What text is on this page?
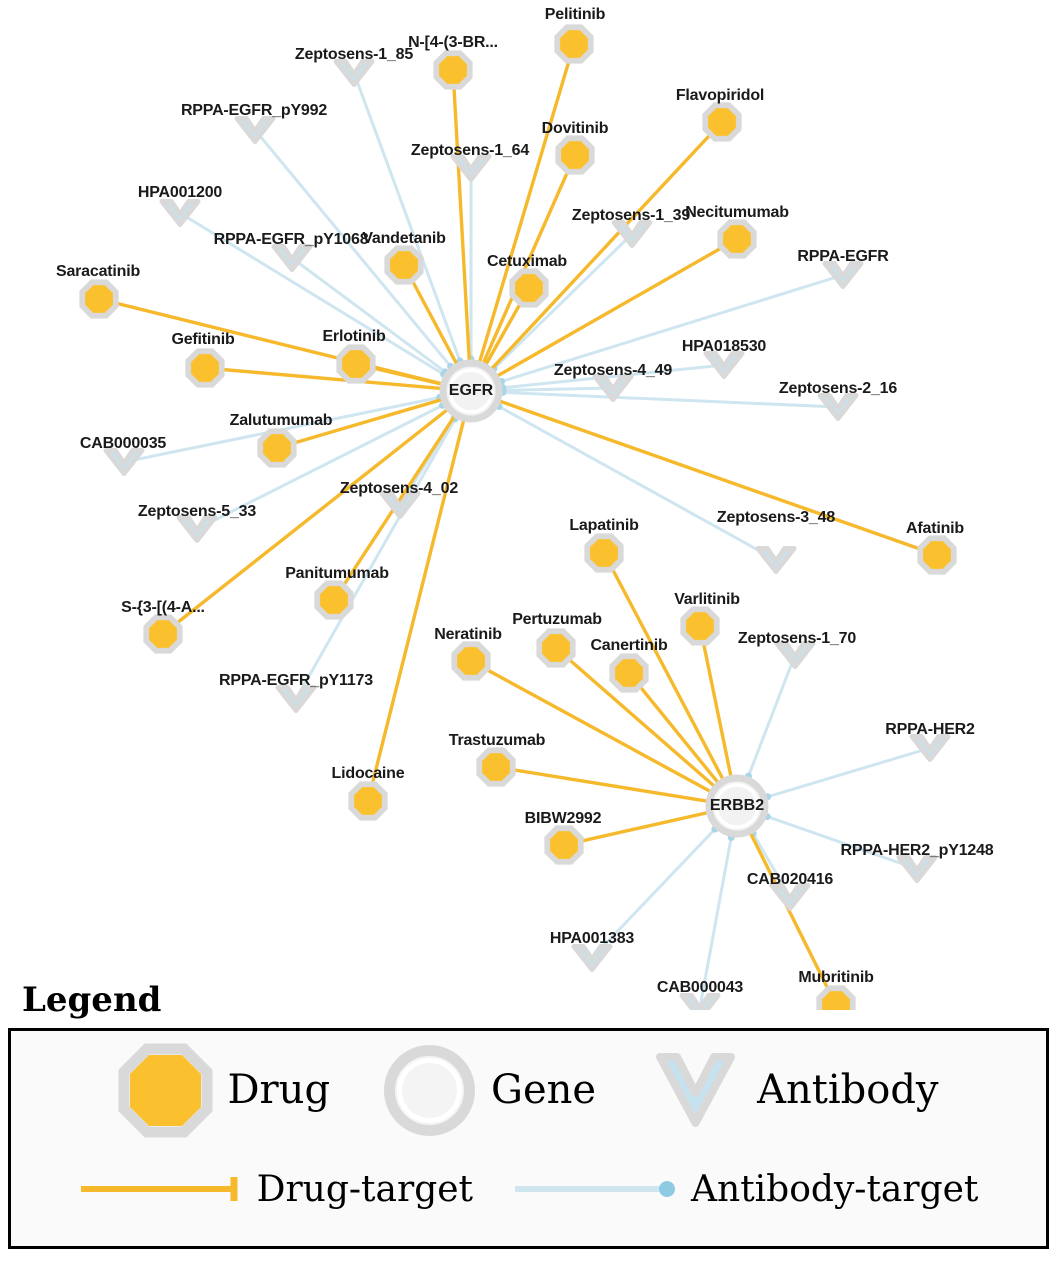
Pelitinib
N-[4-(3-BR...
Flavopiridol
Dovitinib
Necitumumab
Vandetanib
Cetuximab
Saracatinib
Gefitinib	Erlotinib
Zalutumumab
Afatinib
Lapatinib
Varlitinib
Panitumumab
S-{3-[(4-A...
Pertuzumab
Neratinib
Canertinib
Trastuzumab
Lidocaine
BIBW2992
Mubritinib
Zeptosens-1_85
RPPA-EGFR_pY992
Zeptosens-1_64
HPA001200
Zeptosens-1_39
RPPA-EGFR_pY1068
RPPA-EGFR
HPA018530
Zeptosens-4_49
Zeptosens-2_16
CAB000035
Zeptosens-4_02
Zeptosens-5_33	Zeptosens-3_48
Zeptosens-1_70
RPPA-EGFR_pY1173
RPPA-HER2
RPPA-HER2_pY1248
CAB020416
HPA001383
CAB000043
EGFR
ERBB2
Legend
Drug	Gene	Antibody
Drug-target	Antibody-target
